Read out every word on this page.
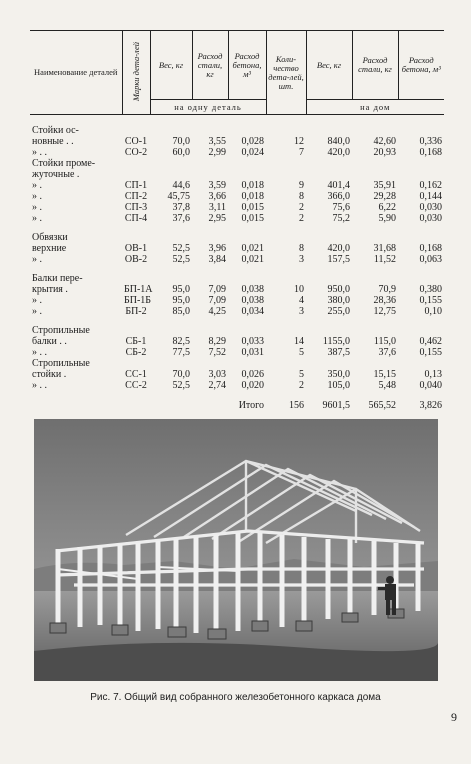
Наименование деталей	Марки дета-лей	Вес, кг	Расход стали, кг	Расход бетона, м³	Коли-чество дета-лей, шт.	Вес, кг	Расход стали, кг	Расход бетона, м³
		на одну деталь				на дом		

Стойки ос-								
новные . .	СО-1	70,0	3,55	0,028	12	840,0	42,60	0,336
» . .	СО-2	60,0	2,99	0,024	7	420,0	20,93	0,168
Стойки проме-								
жуточные .								
» .	СП-1	44,6	3,59	0,018	9	401,4	35,91	0,162
» .	СП-2	45,75	3,66	0,018	8	366,0	29,28	0,144
» .	СП-3	37,8	3,11	0,015	2	75,6	6,22	0,030
» .	СП-4	37,6	2,95	0,015	2	75,2	5,90	0,030

Обвязки								
верхние	ОВ-1	52,5	3,96	0,021	8	420,0	31,68	0,168
» .	ОВ-2	52,5	3,84	0,021	3	157,5	11,52	0,063

Балки пере-								
крытия .	БП-1А	95,0	7,09	0,038	10	950,0	70,9	0,380
» .	БП-1Б	95,0	7,09	0,038	4	380,0	28,36	0,155
» .	БП-2	85,0	4,25	0,034	3	255,0	12,75	0,10

Стропильные								
балки . .	СБ-1	82,5	8,29	0,033	14	1155,0	115,0	0,462
» . .	СБ-2	77,5	7,52	0,031	5	387,5	37,6	0,155
Стропильные								
стойки .	СС-1	70,0	3,03	0,026	5	350,0	15,15	0,13
» . .	СС-2	52,5	2,74	0,020	2	105,0	5,48	0,040
Итого					156	9601,5	565,52	3,826
Рис. 7. Общий вид собранного железобетонного каркаса дома
9
